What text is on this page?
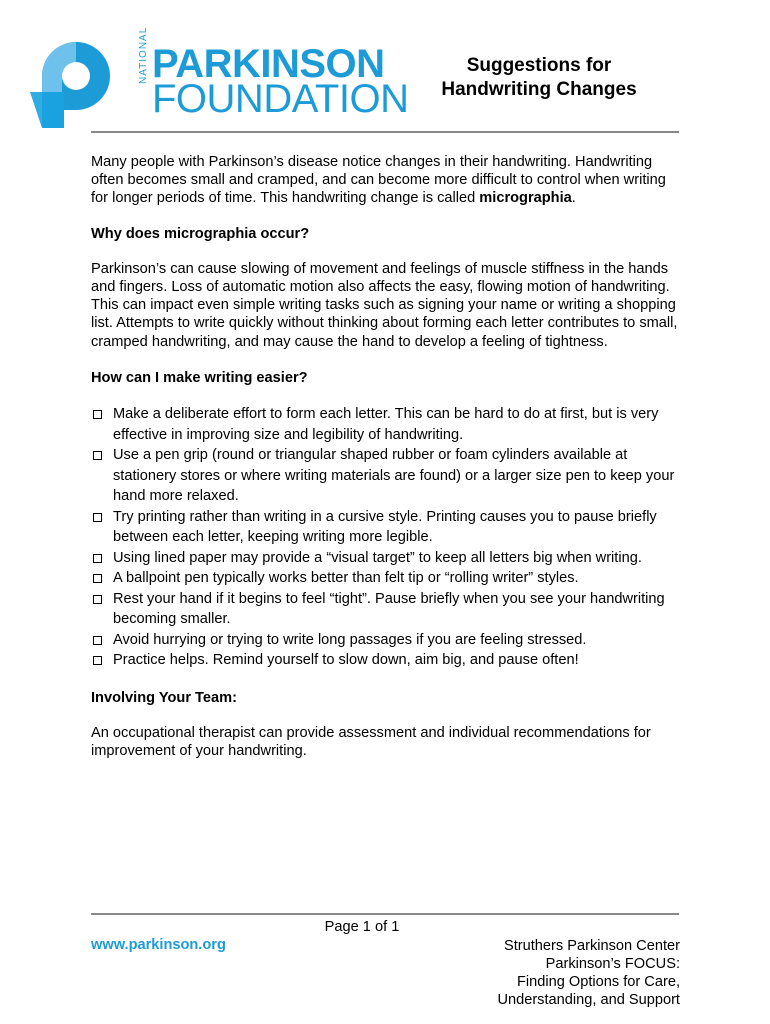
NATIONAL PARKINSON
FOUNDATION
Suggestions for
Handwriting Changes

Many people with Parkinson’s disease notice changes in their handwriting. Handwriting often becomes small and cramped, and can become more difficult to control when writing for longer periods of time. This handwriting change is called micrographia.

Why does micrographia occur?

Parkinson’s can cause slowing of movement and feelings of muscle stiffness in the hands and fingers. Loss of automatic motion also affects the easy, flowing motion of handwriting. This can impact even simple writing tasks such as signing your name or writing a shopping list. Attempts to write quickly without thinking about forming each letter contributes to small, cramped handwriting, and may cause the hand to develop a feeling of tightness.

How can I make writing easier?

Make a deliberate effort to form each letter. This can be hard to do at first, but is very effective in improving size and legibility of handwriting.
Use a pen grip (round or triangular shaped rubber or foam cylinders available at stationery stores or where writing materials are found) or a larger size pen to keep your hand more relaxed.
Try printing rather than writing in a cursive style. Printing causes you to pause briefly between each letter, keeping writing more legible.
Using lined paper may provide a “visual target” to keep all letters big when writing.
A ballpoint pen typically works better than felt tip or “rolling writer” styles.
Rest your hand if it begins to feel “tight”. Pause briefly when you see your handwriting becoming smaller.
Avoid hurrying or trying to write long passages if you are feeling stressed.
Practice helps. Remind yourself to slow down, aim big, and pause often!

Involving Your Team:

An occupational therapist can provide assessment and individual recommendations for improvement of your handwriting.

Page 1 of 1
www.parkinson.org	Struthers Parkinson Center
Parkinson’s FOCUS:
Finding Options for Care,
Understanding, and Support
